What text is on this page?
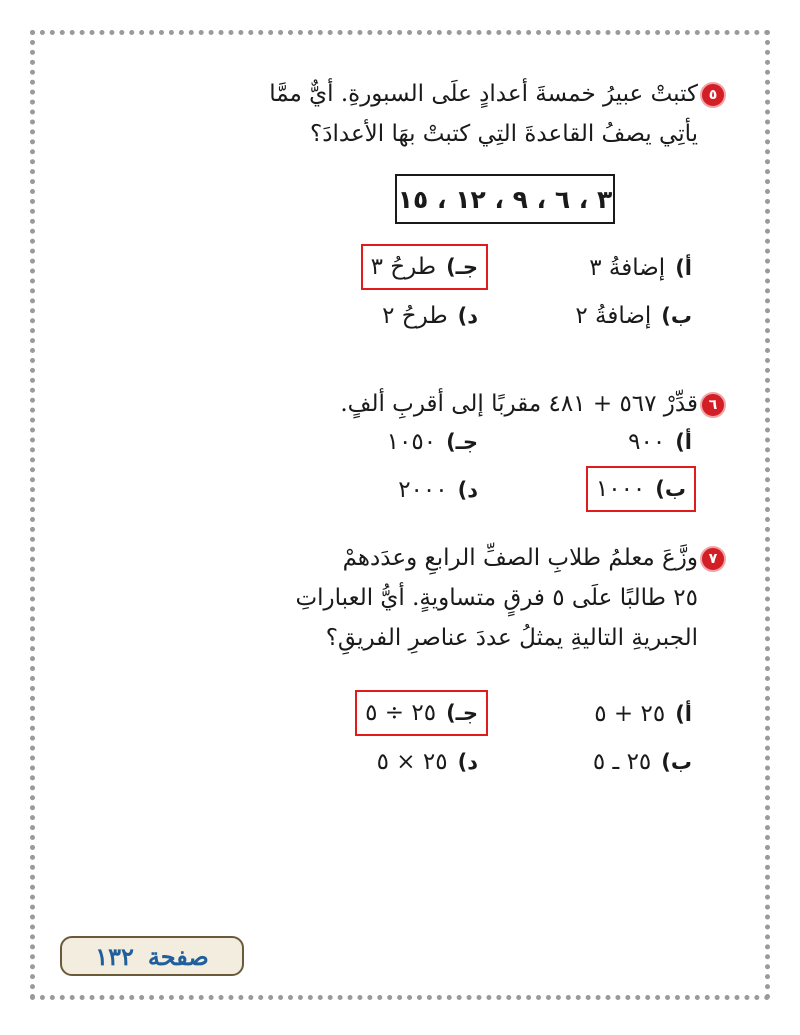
٥
كتبتْ عبيرُ خمسةَ أعدادٍ علَى السبورةِ. أيٌّ ممَّا
يأتِي يصفُ القاعدةَ التِي كتبتْ بهَا الأعدادَ؟
٣ ، ٦ ، ٩ ، ١٢ ، ١٥
أ)
إضافةُ ٣
جـ)
طرحُ ٣
ب)
إضافةُ ٢
د)
طرحُ ٢
٦
قدِّرْ ٥٦٧ + ٤٨١ مقربًا إلى أقربِ ألفٍ.
أ)
٩٠٠
جـ)
١٠٥٠
ب)
١٠٠٠
د)
٢٠٠٠
٧
وزَّعَ معلمُ طلابِ الصفِّ الرابعِ وعدَدهمْ
٢٥ طالبًا علَى ٥ فرقٍ متساويةٍ. أيُّ العباراتِ
الجبريةِ التاليةِ يمثلُ عددَ عناصرِ الفريقِ؟
أ)
٢٥ + ٥
جـ)
٢٥ ÷ ٥
ب)
٢٥ ـ ٥
د)
٢٥ × ٥
صفحة
١٣٢
